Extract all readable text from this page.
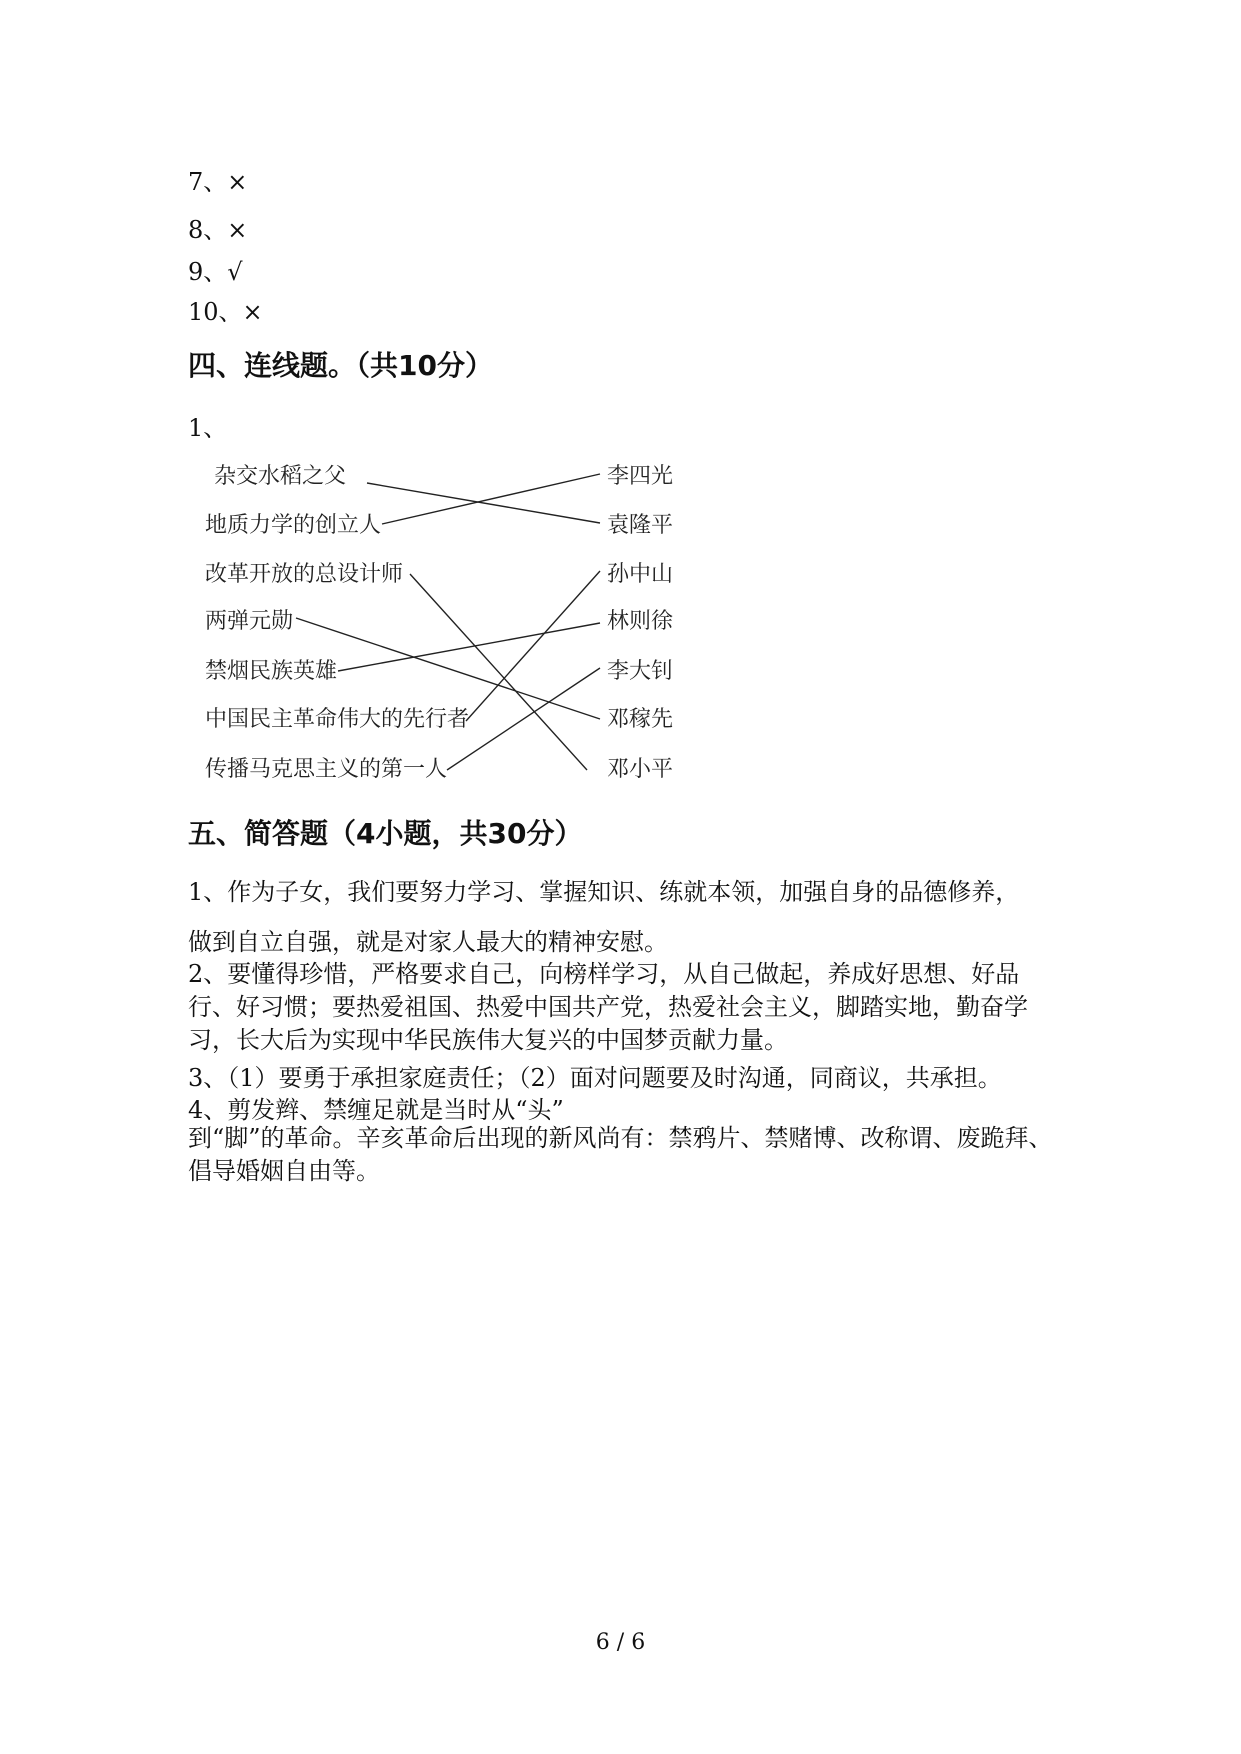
7、×
8、×
9、√
10、×
四、连线题。（共10分）
1、
杂交水稻之父
地质力学的创立人
改革开放的总设计师
两弹元勋
禁烟民族英雄
中国民主革命伟大的先行者
传播马克思主义的第一人
李四光
袁隆平
孙中山
林则徐
李大钊
邓稼先
邓小平
五、简答题（4小题，共30分）
1、作为子女，我们要努力学习、掌握知识、练就本领，加强自身的品德修养，
做到自立自强，就是对家人最大的精神安慰。
2、要懂得珍惜，严格要求自己，向榜样学习，从自己做起，养成好思想、好品行、好习惯；要热爱祖国、热爱中国共产党，热爱社会主义，脚踏实地，勤奋学习，长大后为实现中华民族伟大复兴的中国梦贡献力量。
3、（1）要勇于承担家庭责任；（2）面对问题要及时沟通，同商议，共承担。
4、剪发辫、禁缠足就是当时从“头”
到“脚”的革命。辛亥革命后出现的新风尚有：禁鸦片、禁赌博、改称谓、废跪拜、倡导婚姻自由等。
6 / 6
